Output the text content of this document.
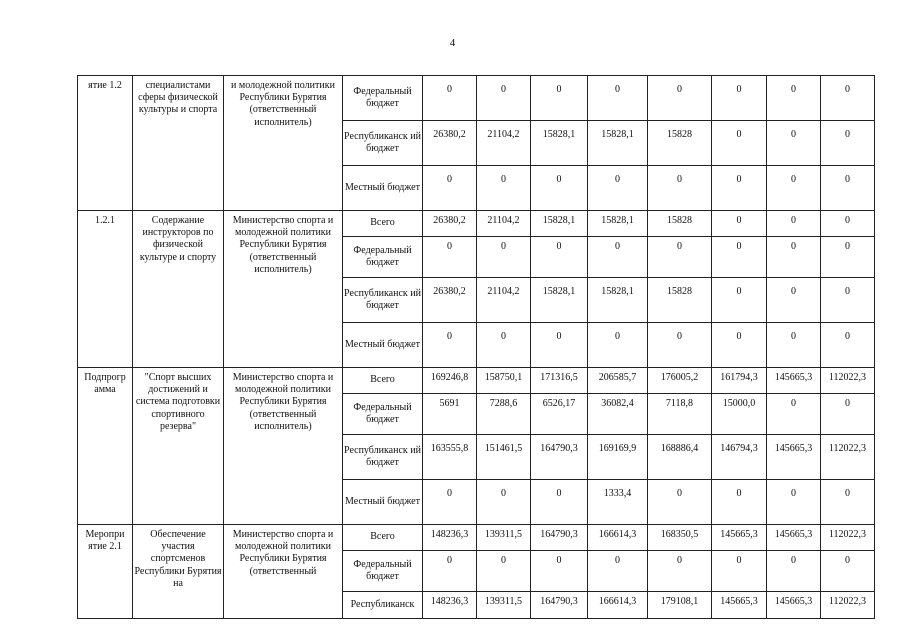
4
ятие 1.2	специалистами сферы физической культуры и спорта	и молодежной политики Республики Бурятия (ответственный исполнитель)	Федеральный бюджет	0	0	0	0	0	0	0	0
			Республиканск ий бюджет	26380,2	21104,2	15828,1	15828,1	15828	0	0	0
			Местный бюджет	0	0	0	0	0	0	0	0
1.2.1	Содержание инструкторов по физической культуре и спорту	Министерство спорта и молодежной политики Республики Бурятия (ответственный исполнитель)	Всего	26380,2	21104,2	15828,1	15828,1	15828	0	0	0
			Федеральный бюджет	0	0	0	0	0	0	0	0
			Республиканск ий бюджет	26380,2	21104,2	15828,1	15828,1	15828	0	0	0
			Местный бюджет	0	0	0	0	0	0	0	0
Подпрогр амма	"Спорт высших достижений и система подготовки спортивного резерва"	Министерство спорта и молодежной политики Республики Бурятия (ответственный исполнитель)	Всего	169246,8	158750,1	171316,5	206585,7	176005,2	161794,3	145665,3	112022,3
			Федеральный бюджет	5691	7288,6	6526,17	36082,4	7118,8	15000,0	0	0
			Республиканск ий бюджет	163555,8	151461,5	164790,3	169169,9	168886,4	146794,3	145665,3	112022,3
			Местный бюджет	0	0	0	1333,4	0	0	0	0
Меропри ятие 2.1	Обеспечение участия спортсменов Республики Бурятия на	Министерство спорта и молодежной политики Республики Бурятия (ответственный	Всего	148236,3	139311,5	164790,3	166614,3	168350,5	145665,3	145665,3	112022,3
			Федеральный бюджет	0	0	0	0	0	0	0	0
			Республиканск	148236,3	139311,5	164790,3	166614,3	179108,1	145665,3	145665,3	112022,3
